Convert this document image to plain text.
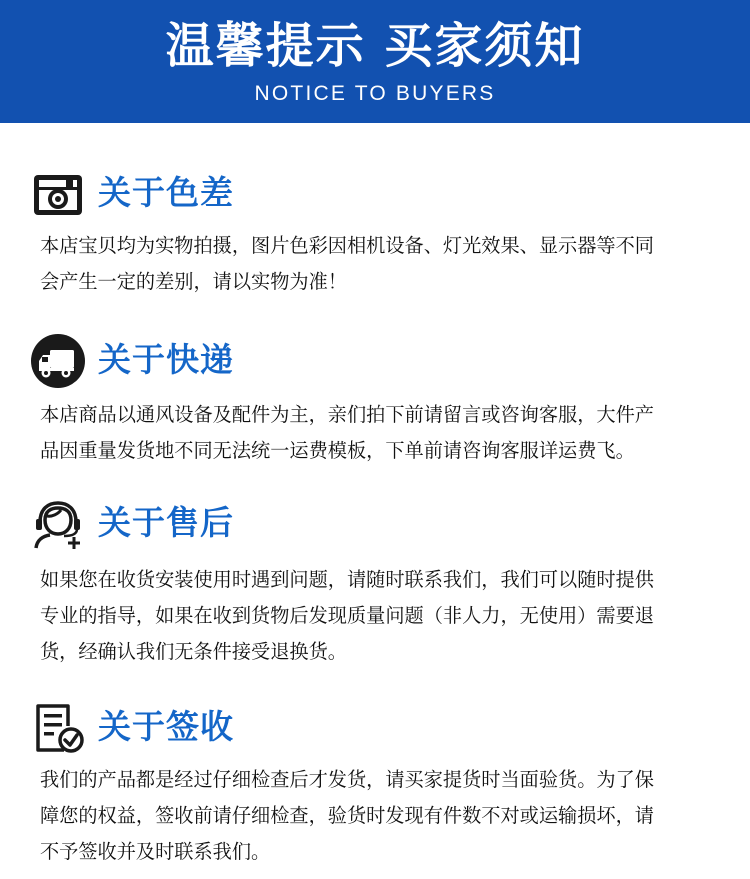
温馨提示 买家须知
NOTICE TO BUYERS
关于色差

本店宝贝均为实物拍摄，图片色彩因相机设备、灯光效果、显示器等不同

会产生一定的差别，请以实物为准！

关于快递

本店商品以通风设备及配件为主，亲们拍下前请留言或咨询客服，大件产

品因重量发货地不同无法统一运费模板，下单前请咨询客服详运费飞。

关于售后

如果您在收货安装使用时遇到问题，请随时联系我们，我们可以随时提供

专业的指导，如果在收到货物后发现质量问题（非人力，无使用）需要退

货，经确认我们无条件接受退换货。

关于签收

我们的产品都是经过仔细检查后才发货，请买家提货时当面验货。为了保

障您的权益，签收前请仔细检查，验货时发现有件数不对或运输损坏，请

不予签收并及时联系我们。
